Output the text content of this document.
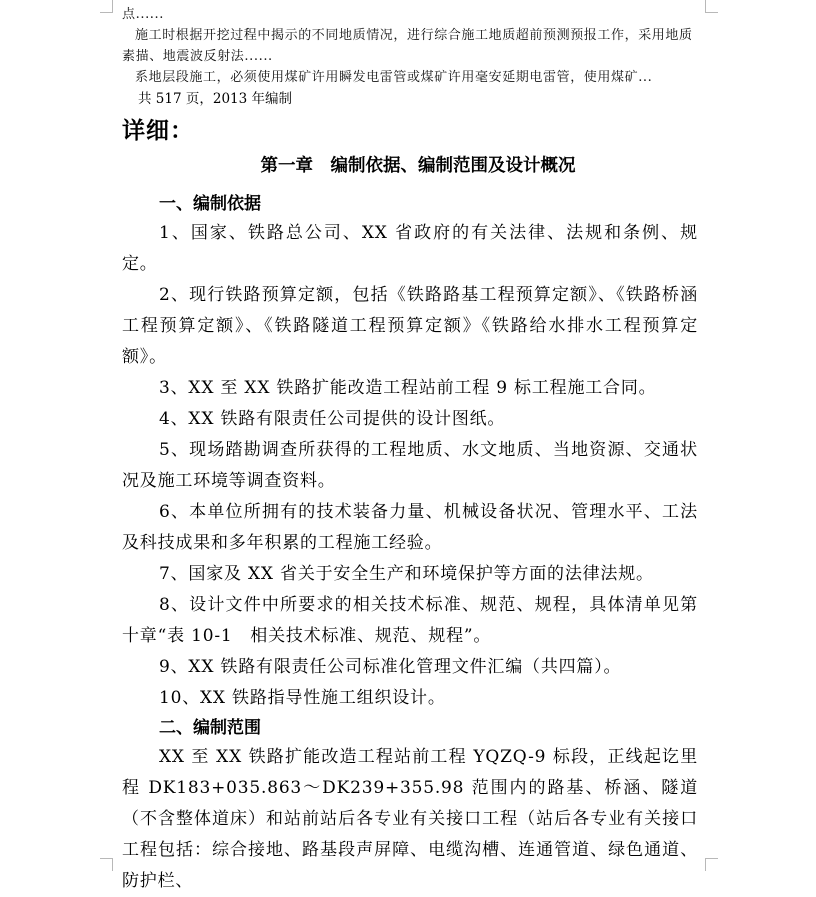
点......

施工时根据开挖过程中揭示的不同地质情况，进行综合施工地质超前预测预报工作，采用地质素描、地震波反射法......

系地层段施工，必须使用煤矿许用瞬发电雷管或煤矿许用毫安延期电雷管，使用煤矿...

共 517 页，2013 年编制

详细：
第一章　编制依据、编制范围及设计概况
一、编制依据

1、国家、铁路总公司、XX 省政府的有关法律、法规和条例、规定。

2、现行铁路预算定额，包括《铁路路基工程预算定额》、《铁路桥涵工程预算定额》、《铁路隧道工程预算定额》《铁路给水排水工程预算定额》。

3、XX 至 XX 铁路扩能改造工程站前工程 9 标工程施工合同。

4、XX 铁路有限责任公司提供的设计图纸。

5、现场踏勘调查所获得的工程地质、水文地质、当地资源、交通状况及施工环境等调查资料。

6、本单位所拥有的技术装备力量、机械设备状况、管理水平、工法及科技成果和多年积累的工程施工经验。

7、国家及 XX 省关于安全生产和环境保护等方面的法律法规。

8、设计文件中所要求的相关技术标准、规范、规程，具体清单见第十章“表 10-1　相关技术标准、规范、规程”。

9、XX 铁路有限责任公司标准化管理文件汇编（共四篇）。

10、XX 铁路指导性施工组织设计。

二、编制范围

XX 至 XX 铁路扩能改造工程站前工程 YQZQ-9 标段，正线起讫里程 DK183+035.863～DK239+355.98 范围内的路基、桥涵、隧道（不含整体道床）和站前站后各专业有关接口工程（站后各专业有关接口工程包括：综合接地、路基段声屏障、电缆沟槽、连通管道、绿色通道、防护栏、
